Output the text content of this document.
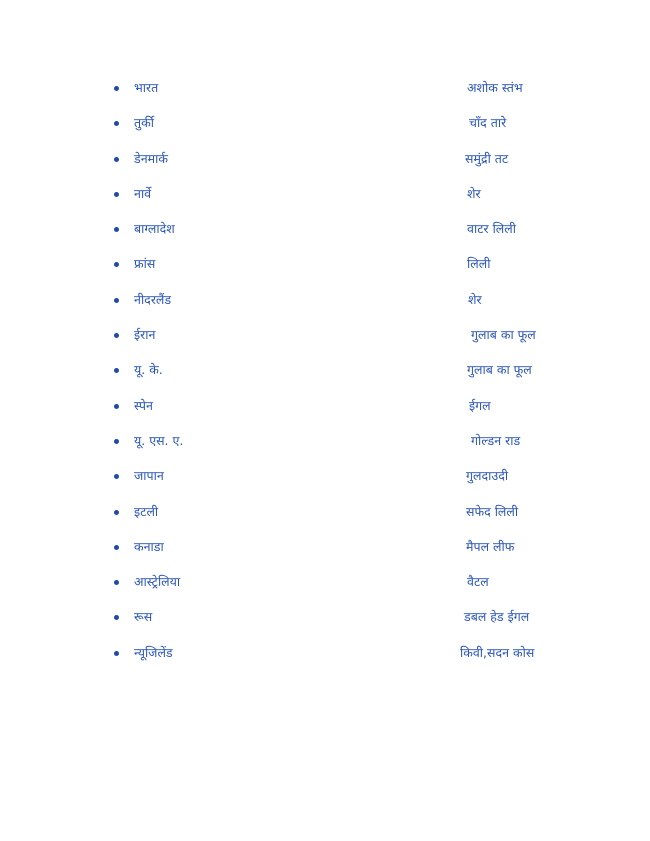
भारत	अशोक स्तंभ
तुर्की	चाँद तारे
डेनमार्क	समुंद्री तट
नार्वे	शेर
बाग्लादेश	वाटर लिली
फ्रांस	लिली
नीदरलैंड	शेर
ईरान	गुलाब का फूल
यू. के.	गुलाब का फूल
स्पेन	ईगल
यू. एस. ए.	गोल्डन राड
जापान	गुलदाउदी
इटली	सफेद लिली
कनाडा	मैपल लीफ
आस्ट्रेलिया	वैटल
रूस	डबल हेड ईगल
न्यूजिलेंड	किवी,सदन कोस
